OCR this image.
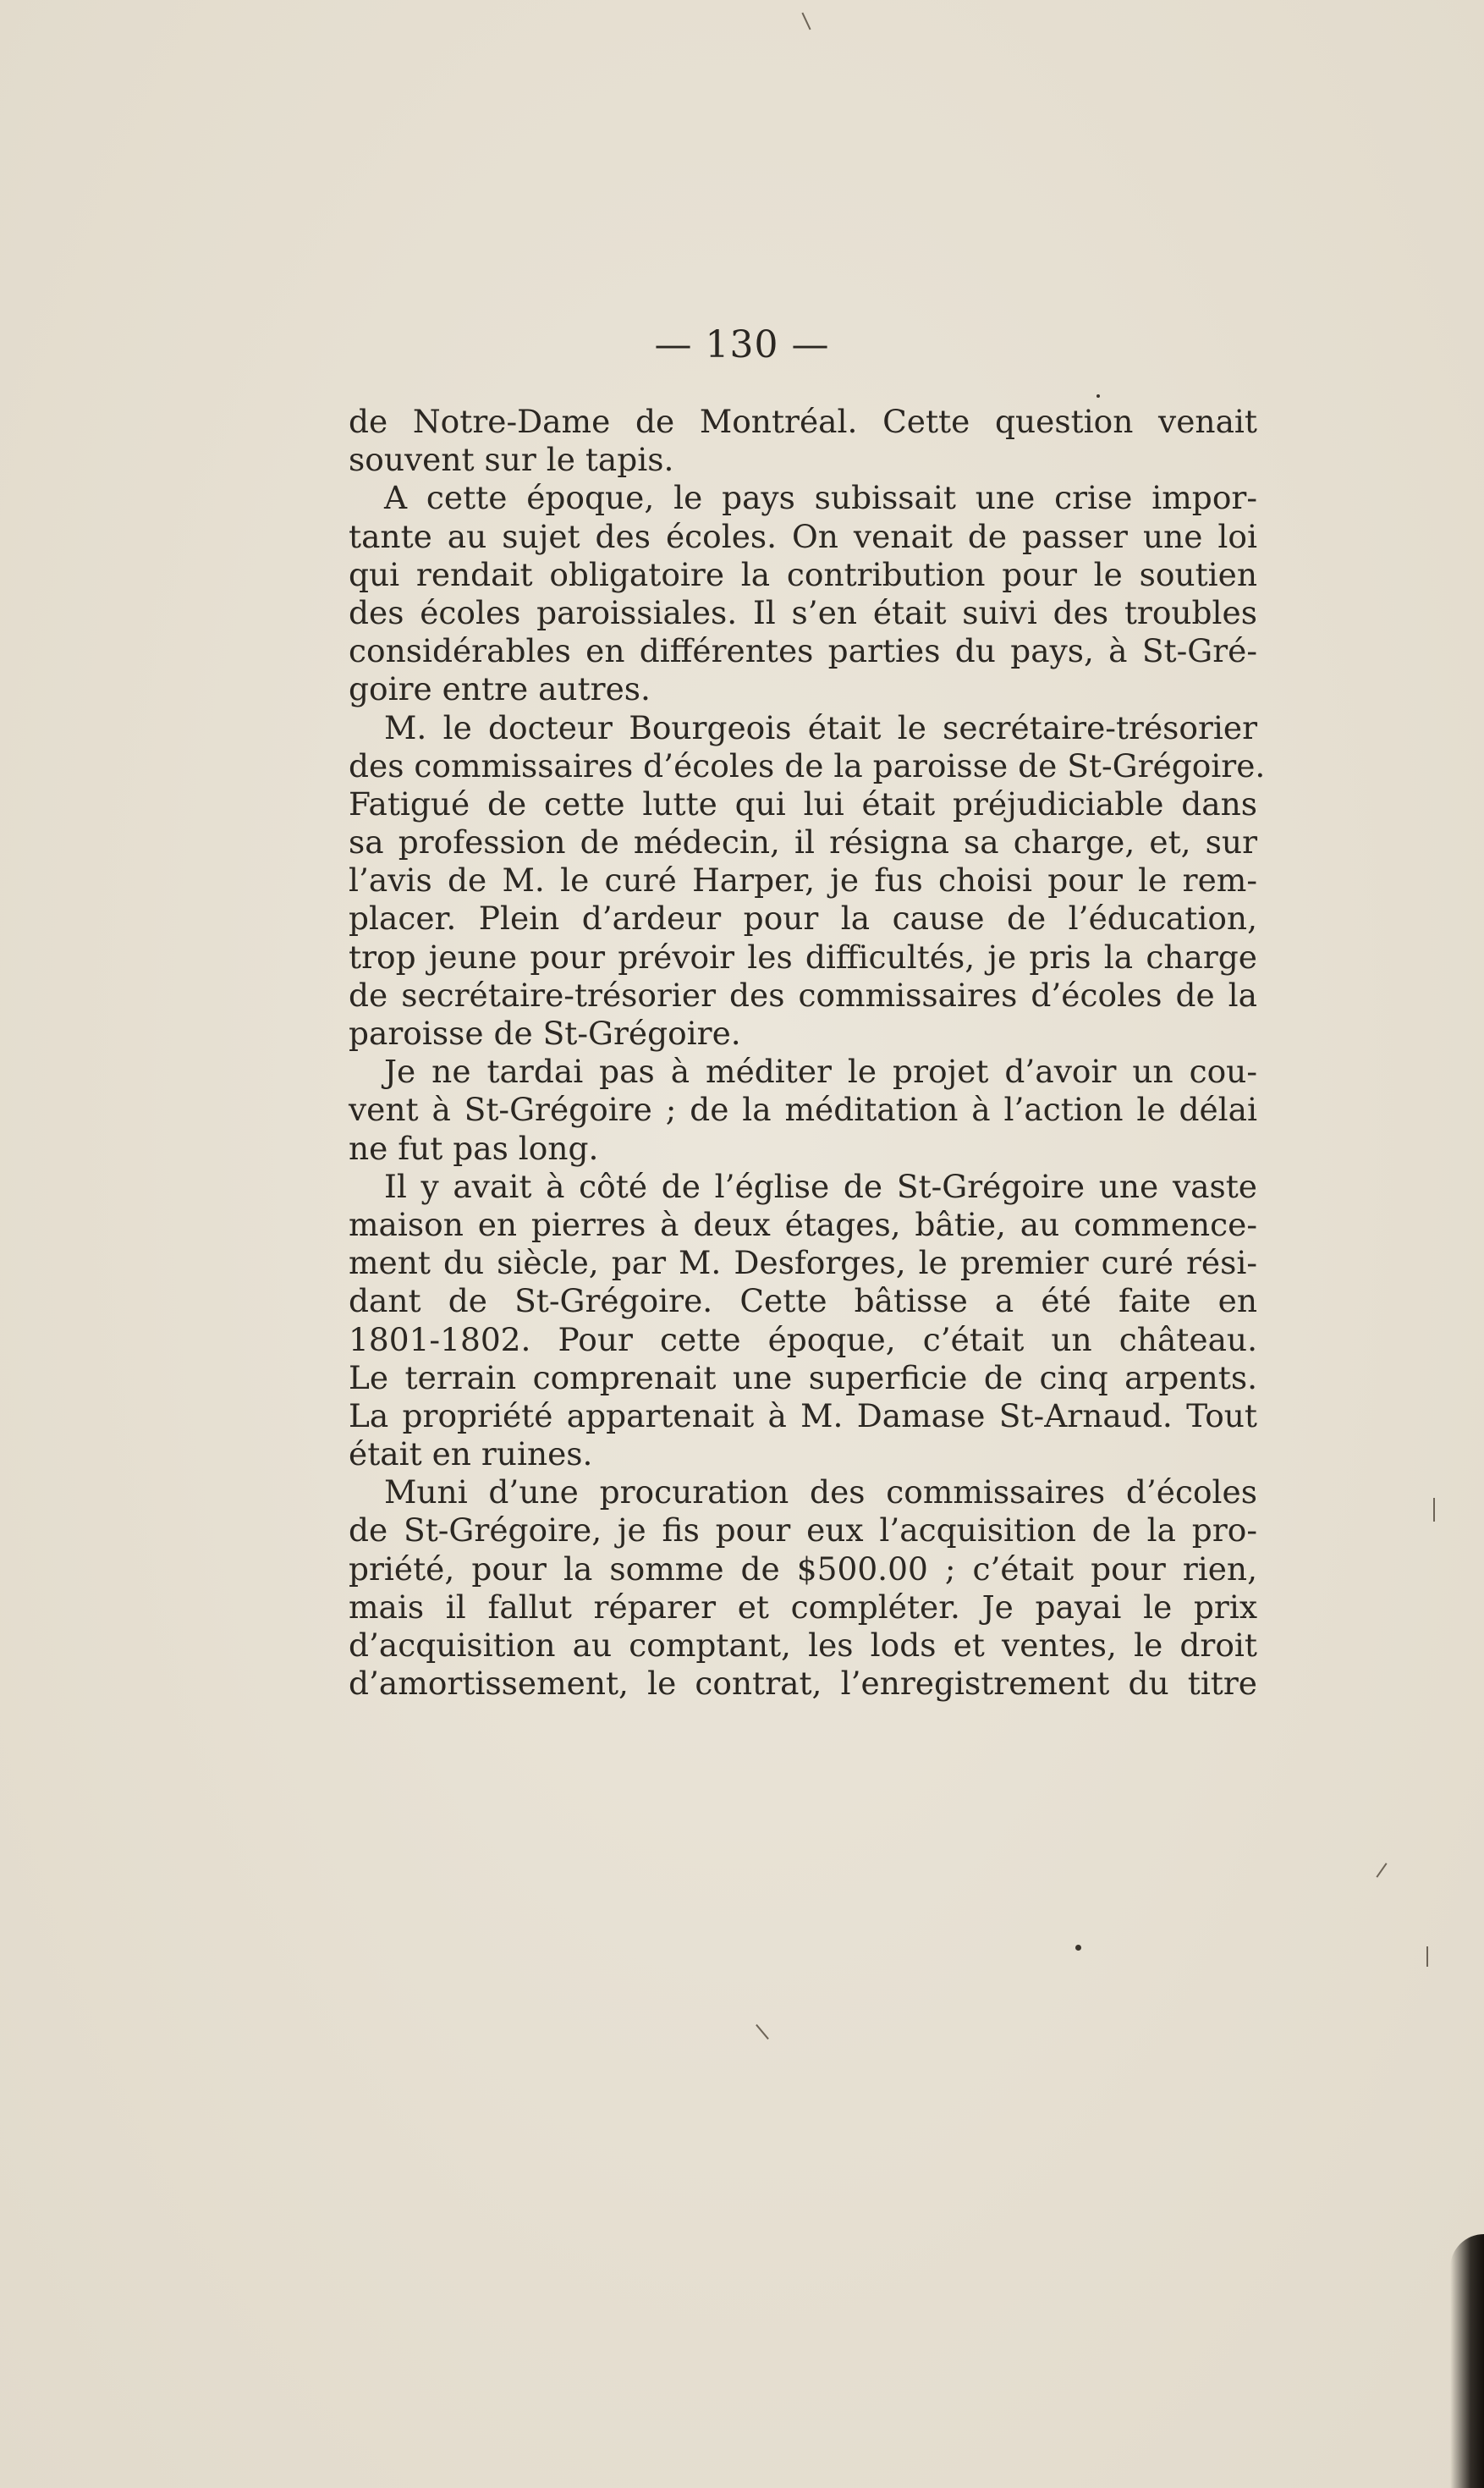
— 130 —

de Notre-Dame de Montréal. Cette question venait
souvent sur le tapis.
A cette époque, le pays subissait une crise impor-
tante au sujet des écoles. On venait de passer une loi
qui rendait obligatoire la contribution pour le soutien
des écoles paroissiales. Il s’en était suivi des troubles
considérables en différentes parties du pays, à St-Gré-
goire entre autres.
M. le docteur Bourgeois était le secrétaire-trésorier
des commissaires d’écoles de la paroisse de St-Grégoire.
Fatigué de cette lutte qui lui était préjudiciable dans
sa profession de médecin, il résigna sa charge, et, sur
l’avis de M. le curé Harper, je fus choisi pour le rem-
placer. Plein d’ardeur pour la cause de l’éducation,
trop jeune pour prévoir les difficultés, je pris la charge
de secrétaire-trésorier des commissaires d’écoles de la
paroisse de St-Grégoire.
Je ne tardai pas à méditer le projet d’avoir un cou-
vent à St-Grégoire ; de la méditation à l’action le délai
ne fut pas long.
Il y avait à côté de l’église de St-Grégoire une vaste
maison en pierres à deux étages, bâtie, au commence-
ment du siècle, par M. Desforges, le premier curé rési-
dant de St-Grégoire. Cette bâtisse a été faite en
1801-1802. Pour cette époque, c’était un château.
Le terrain comprenait une superficie de cinq arpents.
La propriété appartenait à M. Damase St-Arnaud. Tout
était en ruines.
Muni d’une procuration des commissaires d’écoles
de St-Grégoire, je fis pour eux l’acquisition de la pro-
priété, pour la somme de $500.00 ; c’était pour rien,
mais il fallut réparer et compléter. Je payai le prix
d’acquisition au comptant, les lods et ventes, le droit
d’amortissement, le contrat, l’enregistrement du titre
